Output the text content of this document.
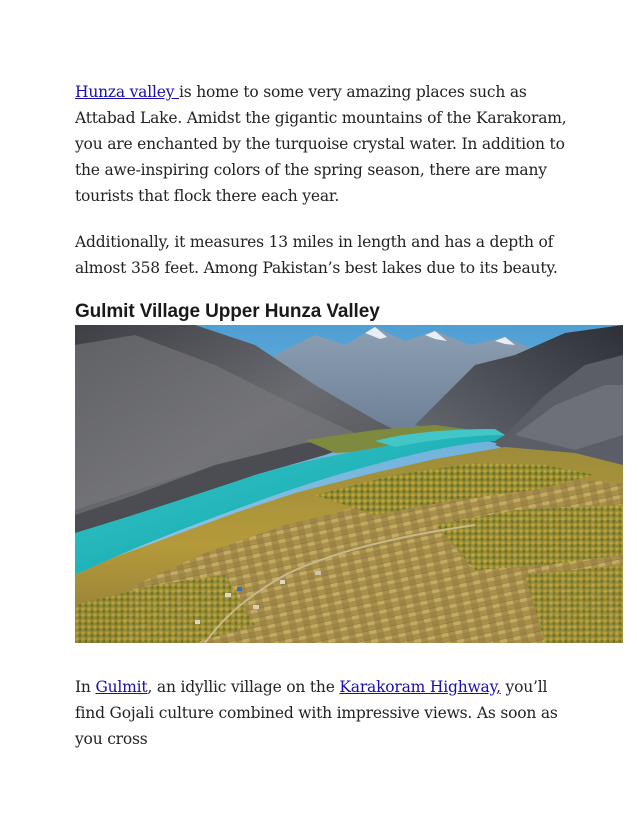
Hunza valley is home to some very amazing places such as Attabad Lake. Amidst the gigantic mountains of the Karakoram, you are enchanted by the turquoise crystal water. In addition to the awe-inspiring colors of the spring season, there are many tourists that flock there each year.

Additionally, it measures 13 miles in length and has a depth of almost 358 feet. Among Pakistan’s best lakes due to its beauty.

Gulmit Village Upper Hunza Valley

In Gulmit, an idyllic village on the Karakoram Highway, you’ll find Gojali culture combined with impressive views. As soon as you cross
